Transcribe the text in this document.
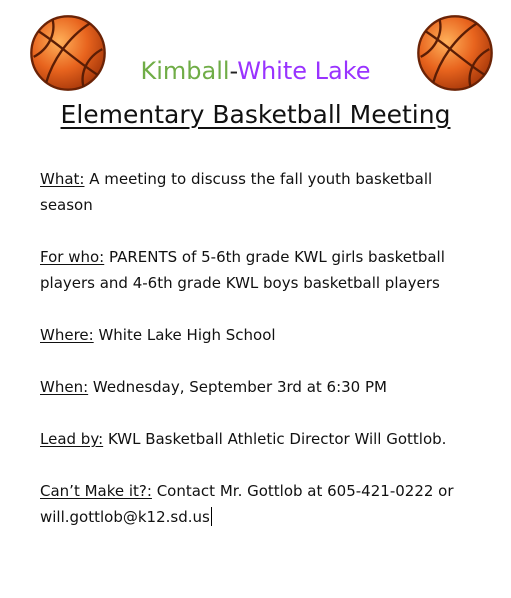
Kimball-White Lake
Elementary Basketball Meeting

What: A meeting to discuss the fall youth basketball season

For who: PARENTS of 5-6th grade KWL girls basketball players and 4-6th grade KWL boys basketball players

Where: White Lake High School

When: Wednesday, September 3rd at 6:30 PM

Lead by: KWL Basketball Athletic Director Will Gottlob.

Can’t Make it?: Contact Mr. Gottlob at 605-421-0222 or will.gottlob@k12.sd.us
